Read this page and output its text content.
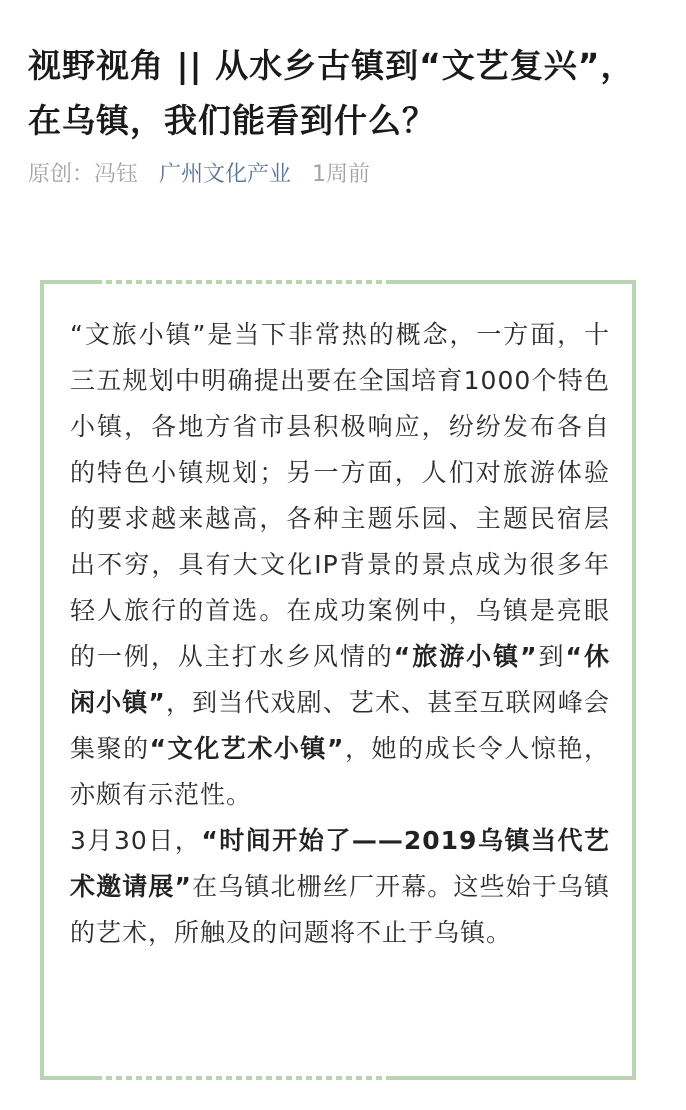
视野视角 || 从水乡古镇到“文艺复兴”，在乌镇，我们能看到什么？
原创：冯钰 广州文化产业 1周前

“文旅小镇”是当下非常热的概念，一方面，十三五规划中明确提出要在全国培育1000个特色小镇，各地方省市县积极响应，纷纷发布各自的特色小镇规划；另一方面，人们对旅游体验的要求越来越高，各种主题乐园、主题民宿层出不穷，具有大文化IP背景的景点成为很多年轻人旅行的首选。在成功案例中，乌镇是亮眼的一例，从主打水乡风情的“旅游小镇”到“休闲小镇”，到当代戏剧、艺术、甚至互联网峰会集聚的“文化艺术小镇”，她的成长令人惊艳，亦颇有示范性。

3月30日，“时间开始了——2019乌镇当代艺术邀请展”在乌镇北栅丝厂开幕。这些始于乌镇的艺术，所触及的问题将不止于乌镇。
